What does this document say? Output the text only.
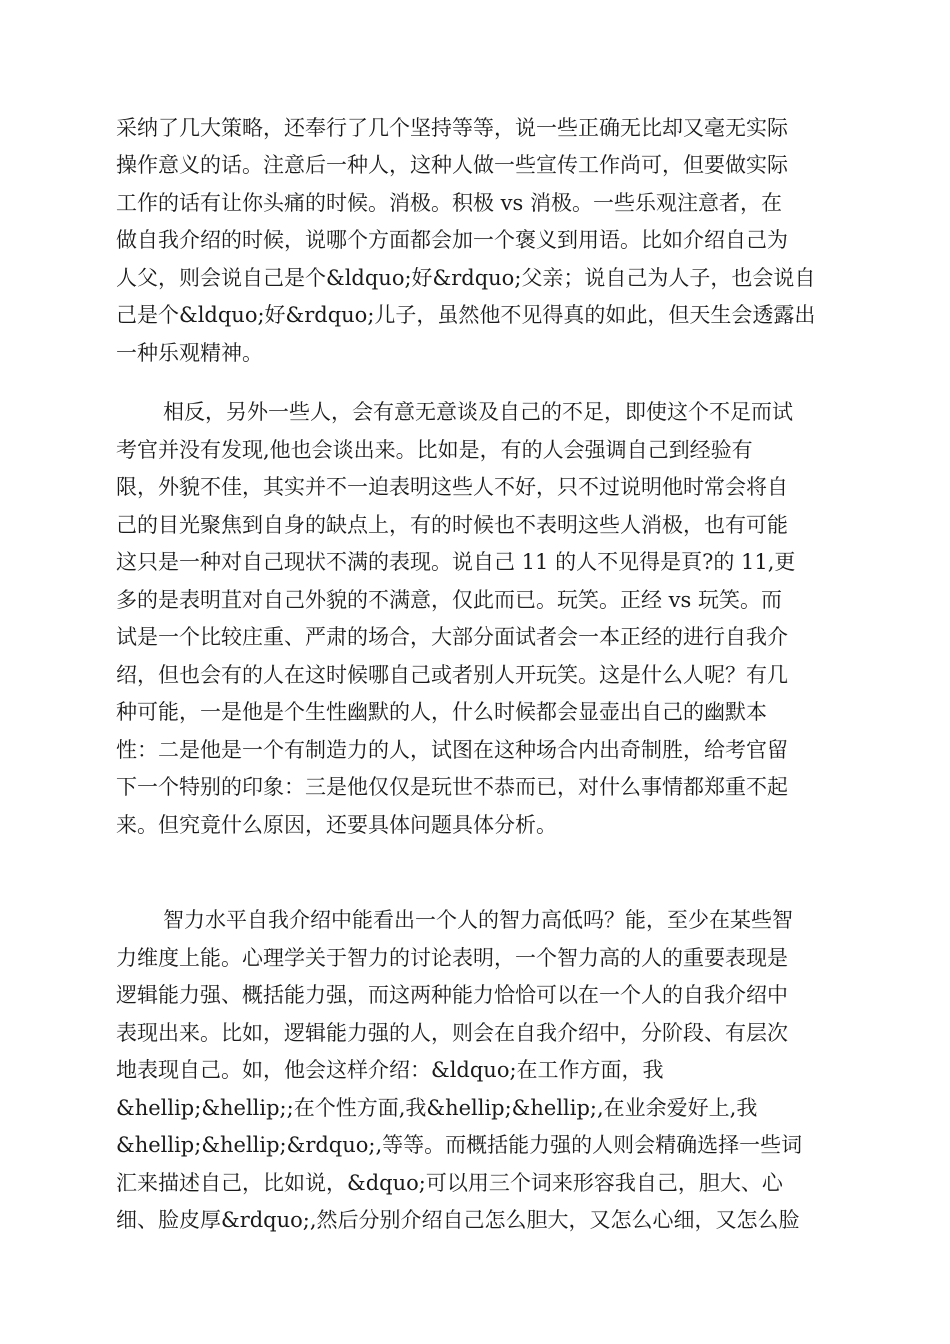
采纳了几大策略，还奉行了几个坚持等等，说一些正确无比却又毫无实际
操作意义的话。注意后一种人，这种人做一些宣传工作尚可，但要做实际
工作的话有让你头痛的时候。消极。积极 vs 消极。一些乐观注意者，在
做自我介绍的时候，说哪个方面都会加一个褒义到用语。比如介绍自己为
人父，则会说自己是个&ldquo;好&rdquo;父亲；说自己为人子，也会说自
己是个&ldquo;好&rdquo;儿子，虽然他不见得真的如此，但天生会透露出
一种乐观精神。
相反，另外一些人，会有意无意谈及自己的不足，即使这个不足而试
考官并没有发现,他也会谈出来。比如是，有的人会强调自己到经验有
限，外貌不佳，其实并不一迫表明这些人不好，只不过说明他时常会将自
己的目光聚焦到自身的缺点上，有的时候也不表明这些人消极，也有可能
这只是一种对自己现状不满的表现。说自己 11 的人不见得是頁?的 11,更
多的是表明苴对自己外貌的不满意，仅此而已。玩笑。正经 vs 玩笑。而
试是一个比较庄重、严肃的场合，大部分面试者会一本正经的进行自我介
绍，但也会有的人在这时候哪自己或者别人开玩笑。这是什么人呢？有几
种可能，一是他是个生性幽默的人，什么时候都会显壶出自己的幽默本
性：二是他是一个有制造力的人，试图在这种场合内出奇制胜，给考官留
下一个特别的印象：三是他仅仅是玩世不恭而已，对什么事情都郑重不起
来。但究竟什么原因，还要具体问题具体分析。
智力水平自我介绍中能看出一个人的智力高低吗？能，至少在某些智
力维度上能。心理学关于智力的讨论表明，一个智力高的人的重要表现是
逻辑能力强、概括能力强，而这两种能力恰恰可以在一个人的自我介绍中
表现出来。比如，逻辑能力强的人，则会在自我介绍中，分阶段、有层次
地表现自己。如，他会这样介绍：&ldquo;在工作方面，我
&hellip;&hellip;;在个性方面,我&hellip;&hellip;,在业余爱好上,我
&hellip;&hellip;&rdquo;,等等。而概括能力强的人则会精确选择一些词
汇来描述自己，比如说，&dquo;可以用三个词来形容我自己，胆大、心
细、脸皮厚&rdquo;,然后分别介绍自己怎么胆大，又怎么心细，又怎么脸
